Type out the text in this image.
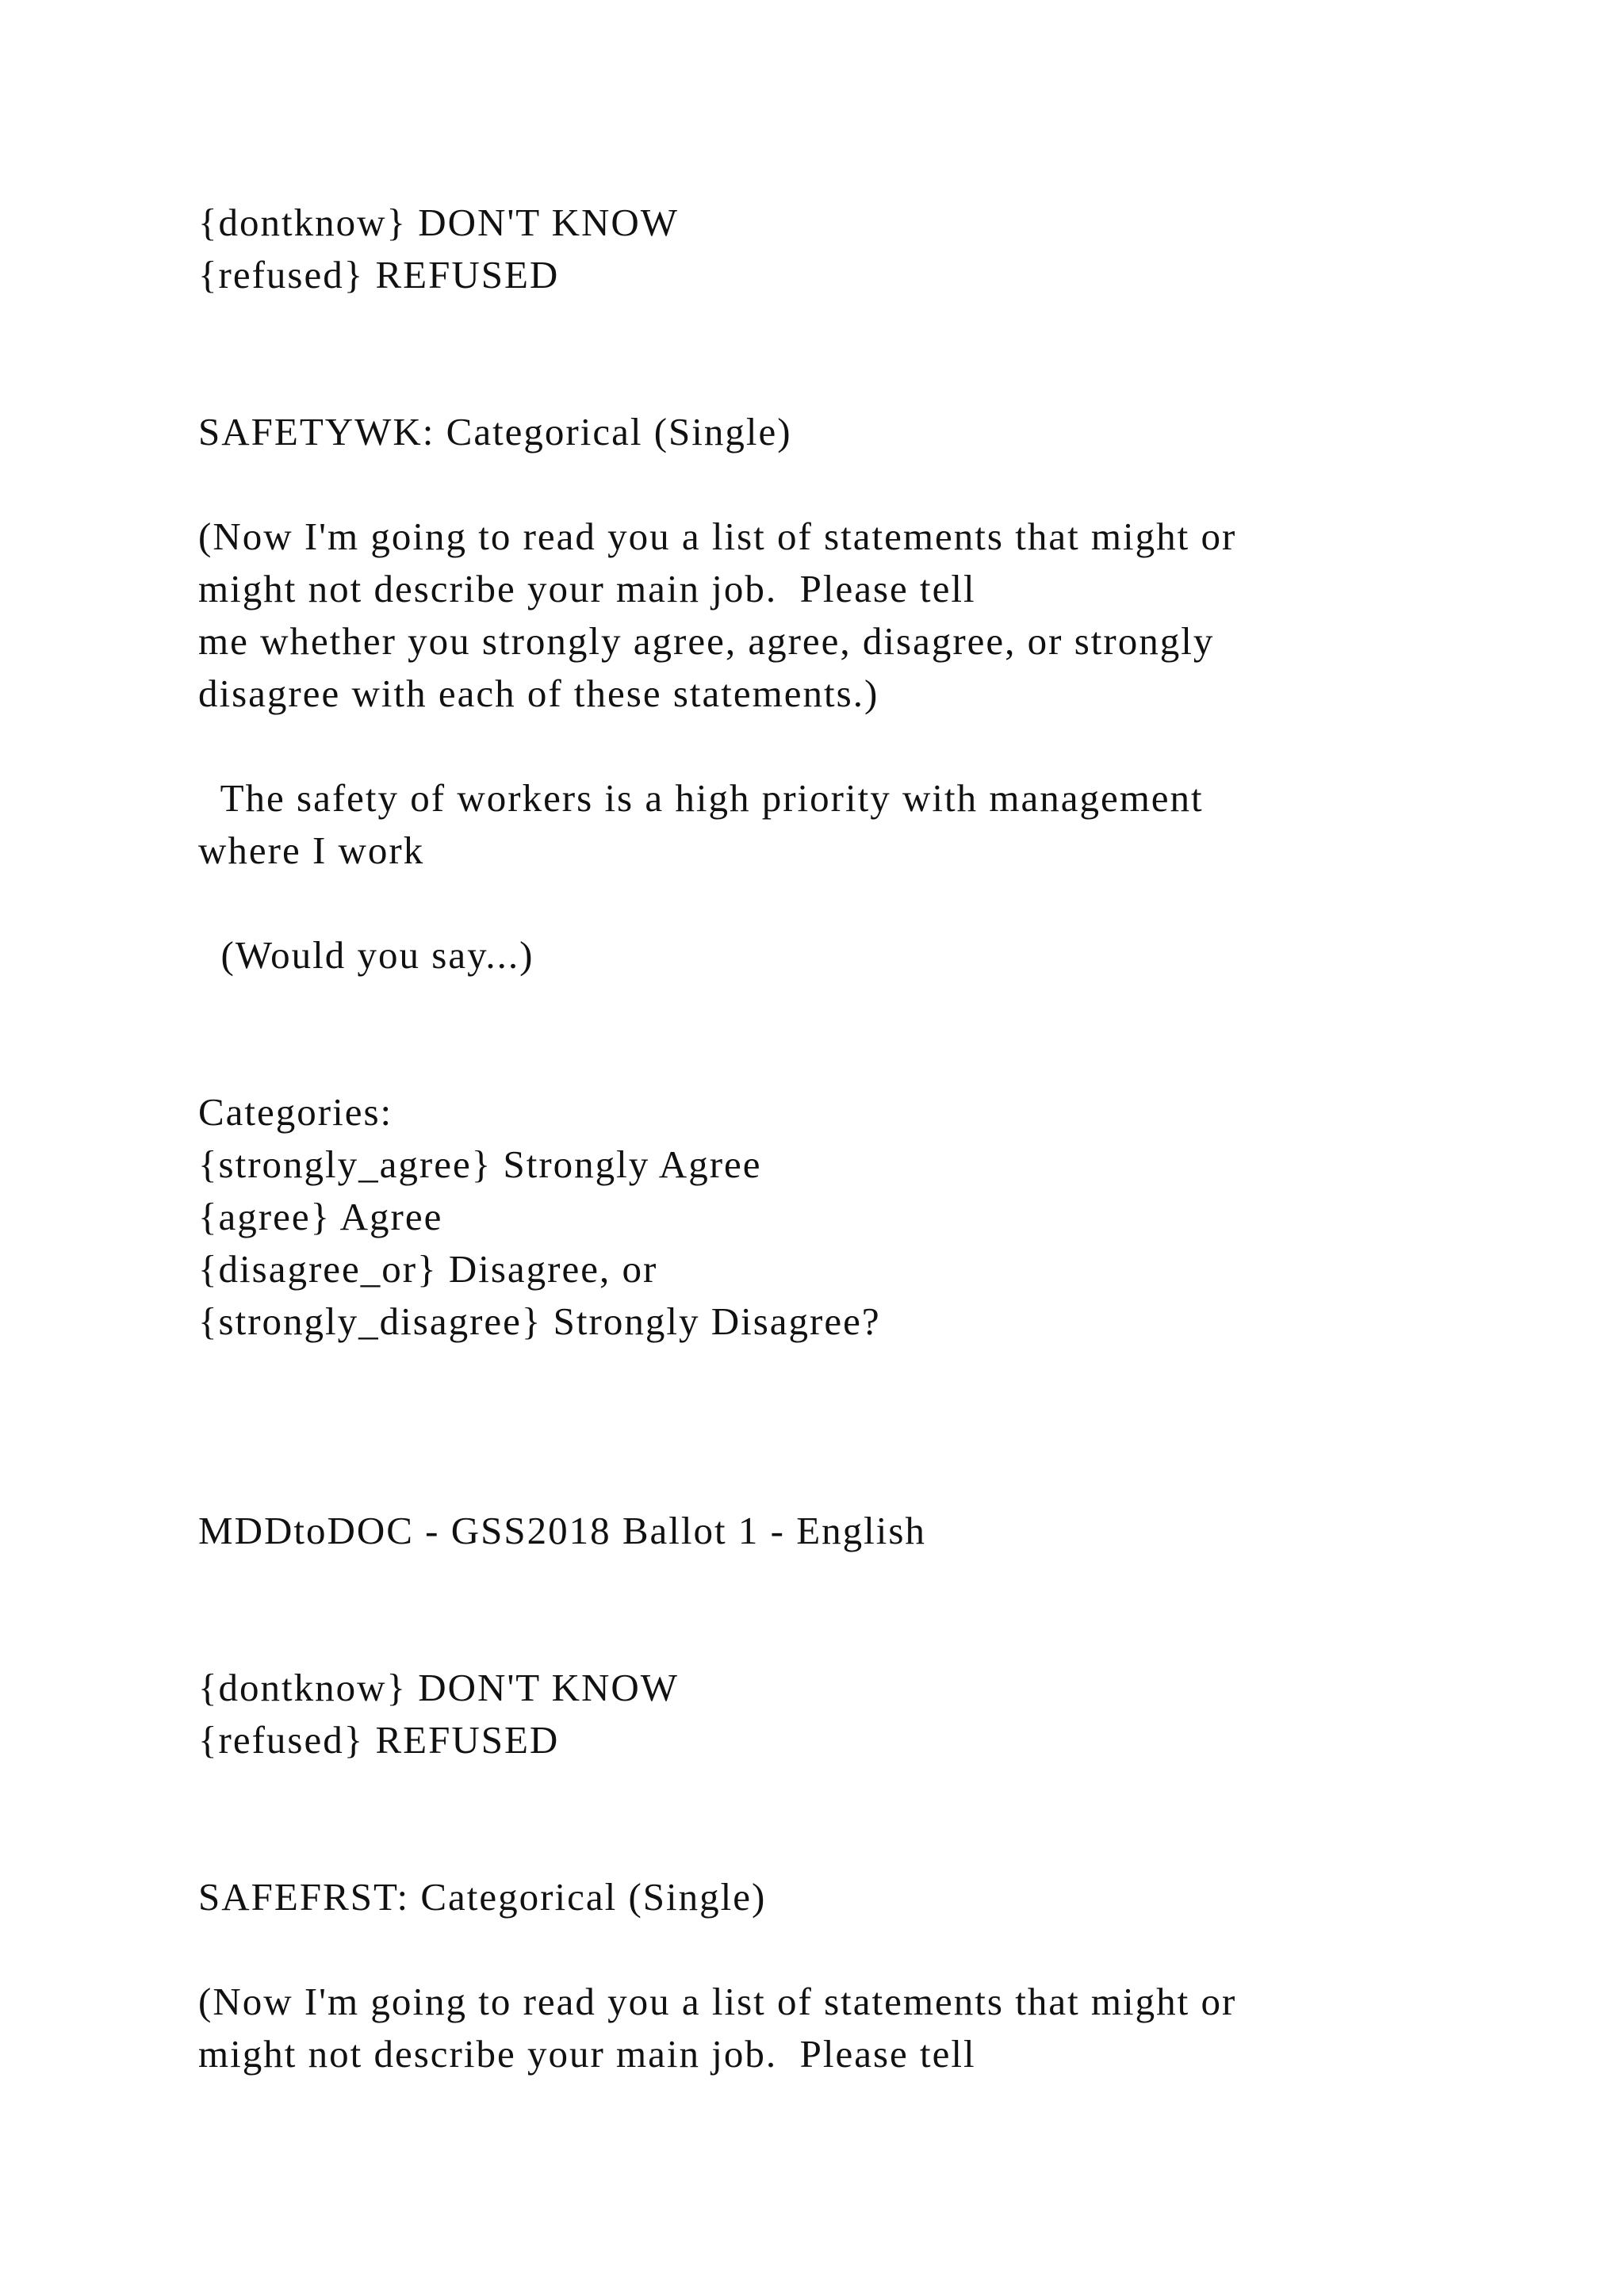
{dontknow} DON'T KNOW
{refused} REFUSED
SAFETYWK: Categorical (Single)
(Now I'm going to read you a list of statements that might or
might not describe your main job.  Please tell
me whether you strongly agree, agree, disagree, or strongly
disagree with each of these statements.)
The safety of workers is a high priority with management
where I work
(Would you say...)
Categories:
{strongly_agree} Strongly Agree
{agree} Agree
{disagree_or} Disagree, or
{strongly_disagree} Strongly Disagree?
MDDtoDOC - GSS2018 Ballot 1 - English
{dontknow} DON'T KNOW
{refused} REFUSED
SAFEFRST: Categorical (Single)
(Now I'm going to read you a list of statements that might or
might not describe your main job.  Please tell
